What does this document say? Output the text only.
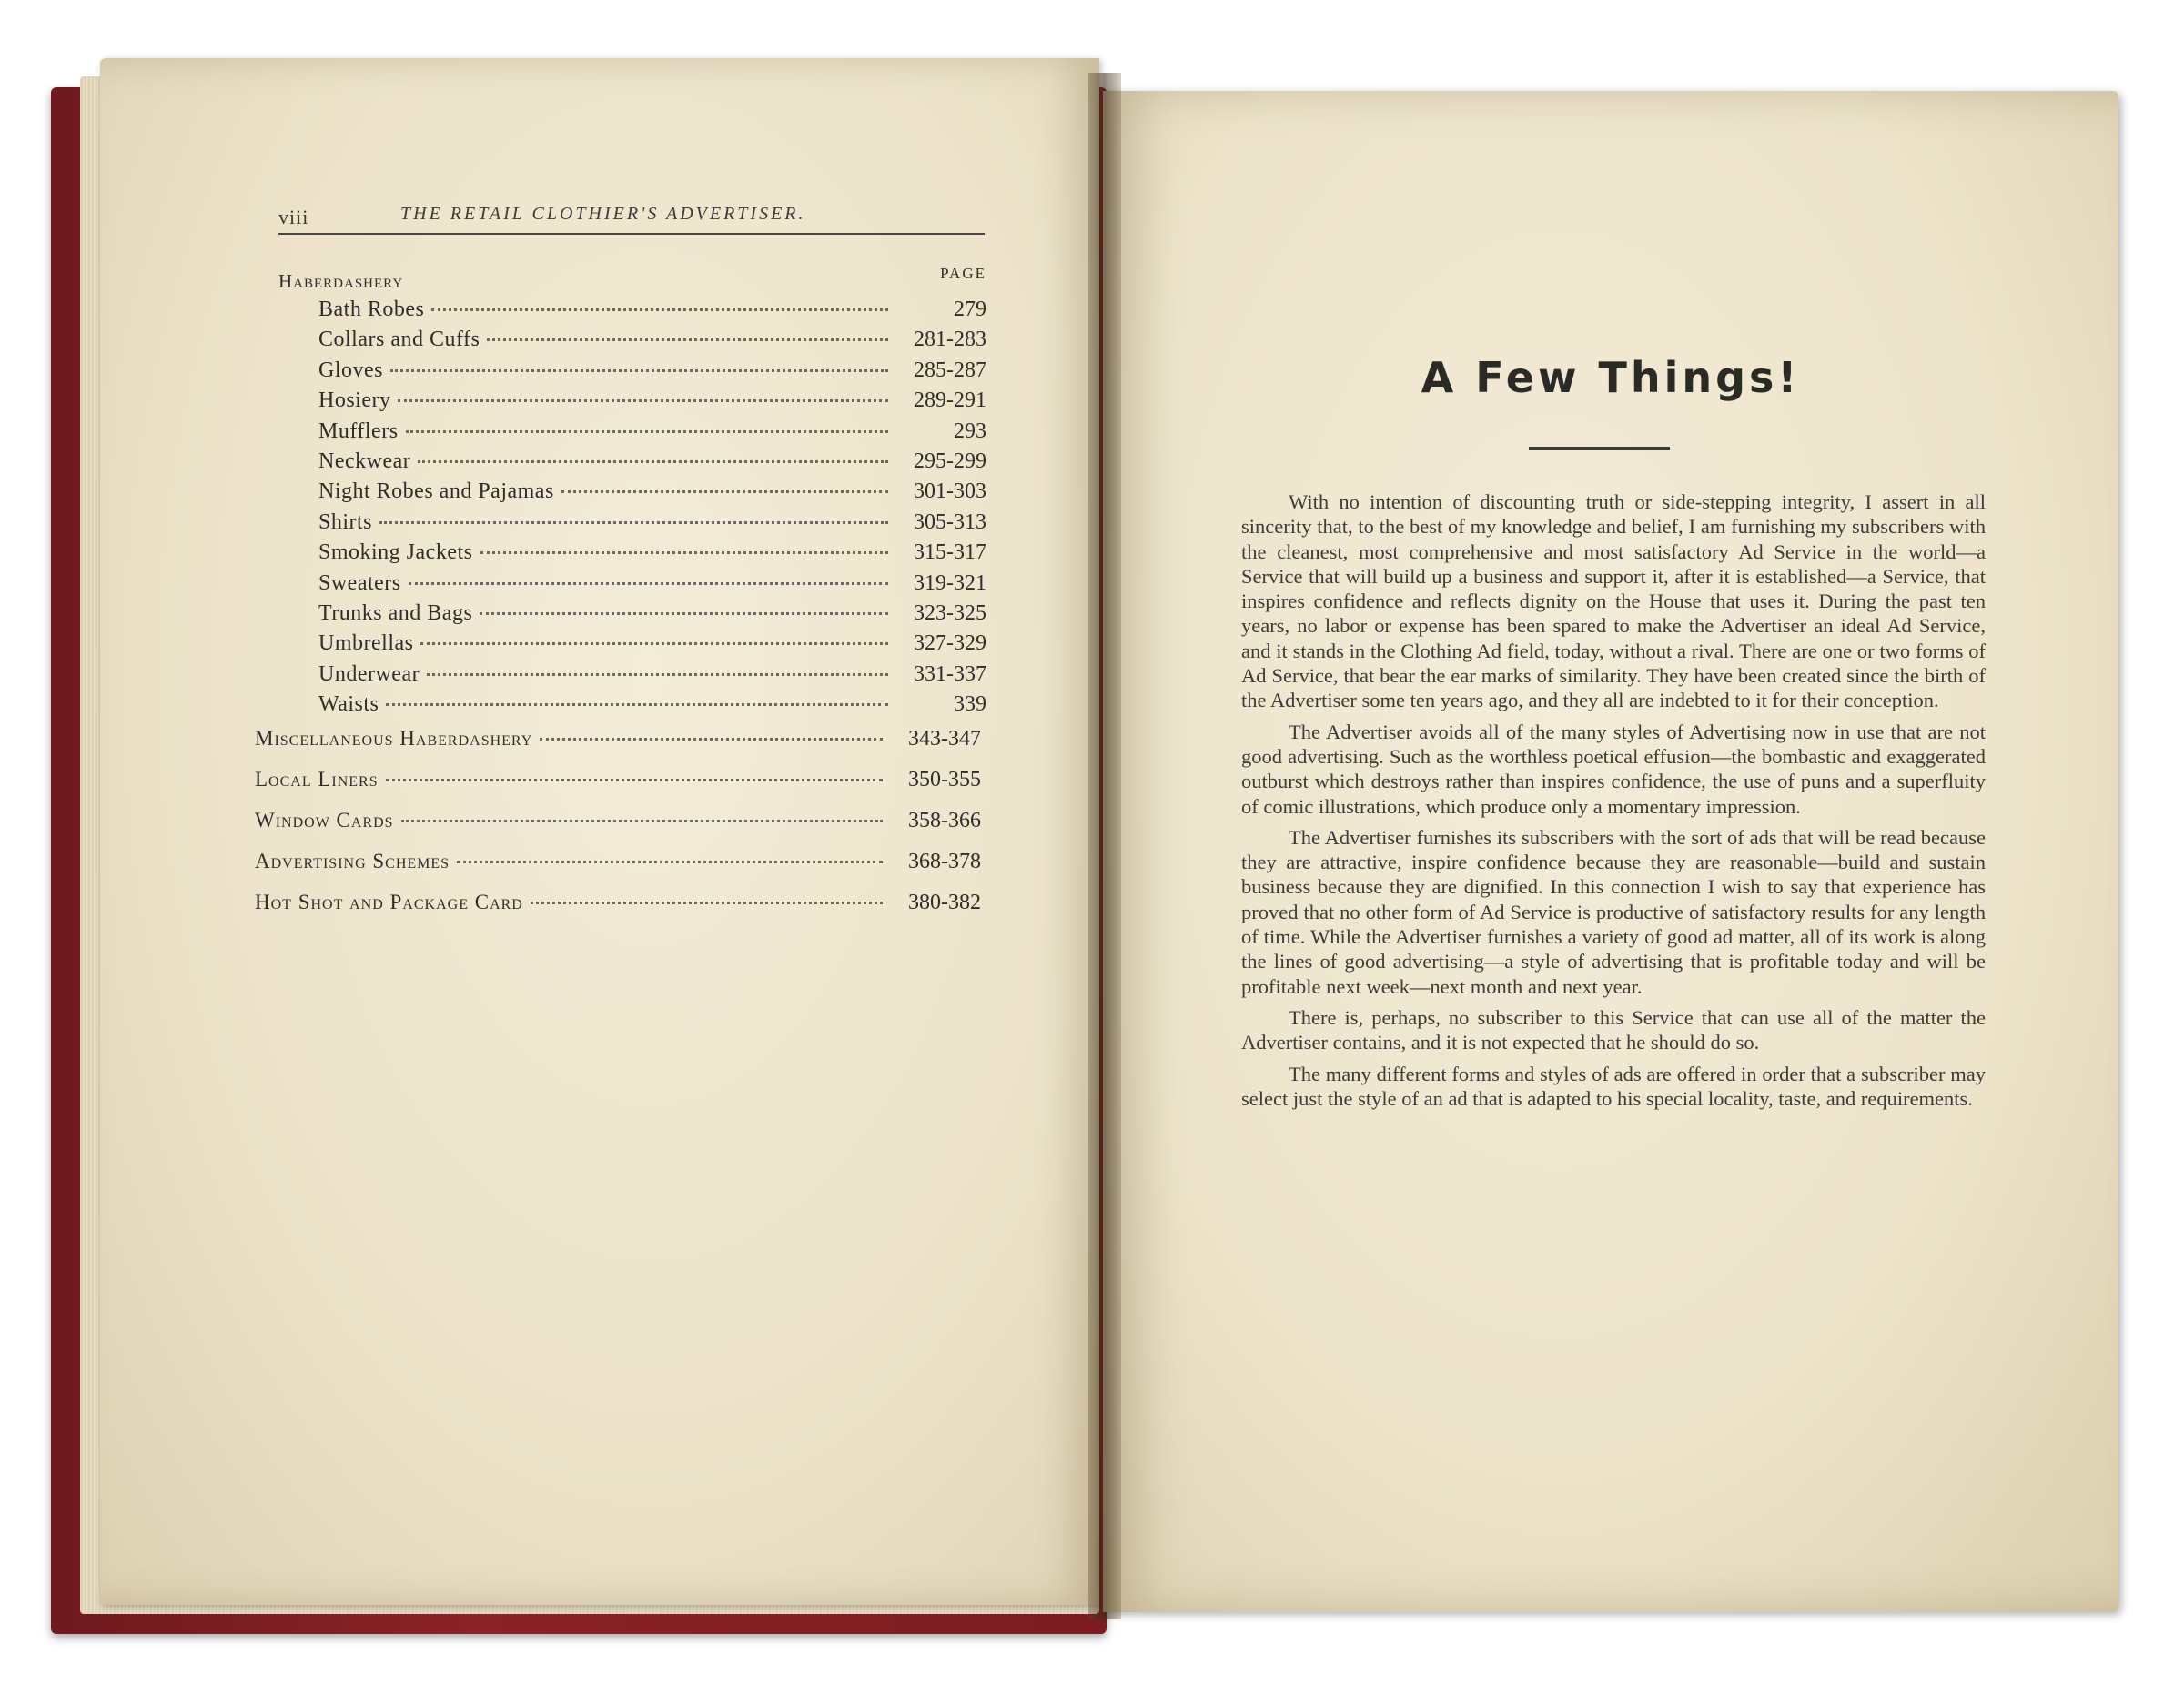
viii	THE RETAIL CLOTHIER'S ADVERTISER.
PAGE
Haberdashery
Bath Robes	279
Collars and Cuffs	281-283
Gloves	285-287
Hosiery	289-291
Mufflers	293
Neckwear	295-299
Night Robes and Pajamas	301-303
Shirts	305-313
Smoking Jackets	315-317
Sweaters	319-321
Trunks and Bags	323-325
Umbrellas	327-329
Underwear	331-337
Waists	339
Miscellaneous Haberdashery	343-347
Local Liners	350-355
Window Cards	358-366
Advertising Schemes	368-378
Hot Shot and Package Card	380-382
A Few Things!

With no intention of discounting truth or side-stepping integrity, I assert in all sincerity that, to the best of my knowledge and belief, I am furnishing my subscribers with the cleanest, most comprehensive and most satisfactory Ad Service in the world—a Service that will build up a business and support it, after it is established—a Service, that inspires confidence and reflects dignity on the House that uses it. During the past ten years, no labor or expense has been spared to make the Advertiser an ideal Ad Service, and it stands in the Clothing Ad field, today, without a rival. There are one or two forms of Ad Service, that bear the ear marks of similarity. They have been created since the birth of the Advertiser some ten years ago, and they all are indebted to it for their conception.

The Advertiser avoids all of the many styles of Advertising now in use that are not good advertising. Such as the worthless poetical effusion—the bombastic and exaggerated outburst which destroys rather than inspires confidence, the use of puns and a superfluity of comic illustrations, which produce only a momentary impression.

The Advertiser furnishes its subscribers with the sort of ads that will be read because they are attractive, inspire confidence because they are reasonable—build and sustain business because they are dignified. In this connection I wish to say that experience has proved that no other form of Ad Service is productive of satisfactory results for any length of time. While the Advertiser furnishes a variety of good ad matter, all of its work is along the lines of good advertising—a style of advertising that is profitable today and will be profitable next week—next month and next year.

There is, perhaps, no subscriber to this Service that can use all of the matter the Advertiser contains, and it is not expected that he should do so.

The many different forms and styles of ads are offered in order that a subscriber may select just the style of an ad that is adapted to his special locality, taste, and requirements.
